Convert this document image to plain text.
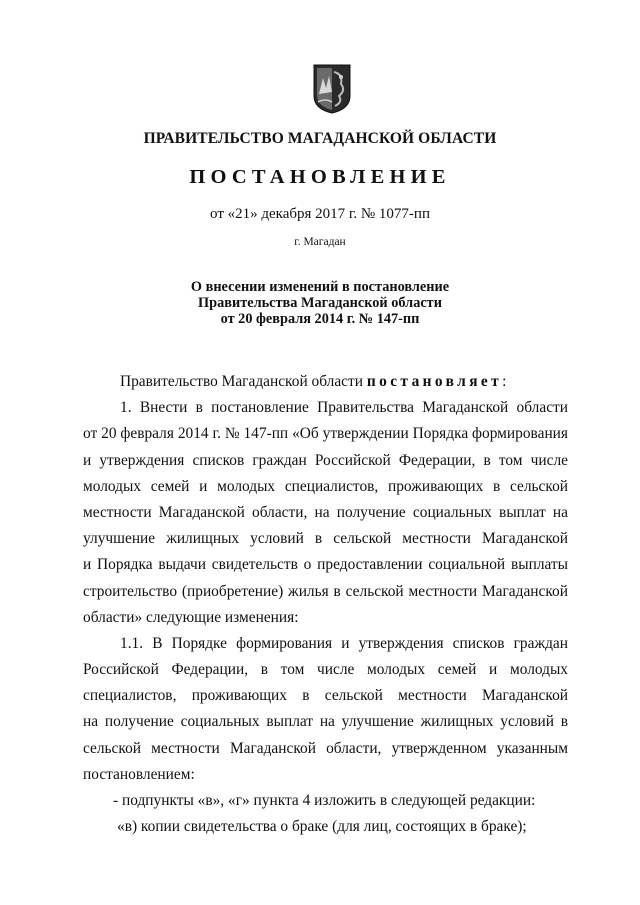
ПРАВИТЕЛЬСТВО МАГАДАНСКОЙ ОБЛАСТИ
ПОСТАНОВЛЕНИЕ
от «21» декабря 2017 г. № 1077-пп
г. Магадан
О внесении изменений в постановление
Правительства Магаданской области
от 20 февраля 2014 г. № 147-пп
Правительство Магаданской области постановляет:
1. Внести в постановление Правительства Магаданской области
от 20 февраля 2014 г. № 147-пп «Об утверждении Порядка формирования
и утверждения списков граждан Российской Федерации, в том числе
молодых семей и молодых специалистов, проживающих в сельской
местности Магаданской области, на получение социальных выплат на
улучшение жилищных условий в сельской местности Магаданской
и Порядка выдачи свидетельств о предоставлении социальной выплаты
строительство (приобретение) жилья в сельской местности Магаданской
области» следующие изменения:
1.1. В Порядке формирования и утверждения списков граждан
Российской Федерации, в том числе молодых семей и молодых
специалистов, проживающих в сельской местности Магаданской
на получение социальных выплат на улучшение жилищных условий в
сельской местности Магаданской области, утвержденном указанным
постановлением:
- подпункты «в», «г» пункта 4 изложить в следующей редакции:
«в) копии свидетельства о браке (для лиц, состоящих в браке);
